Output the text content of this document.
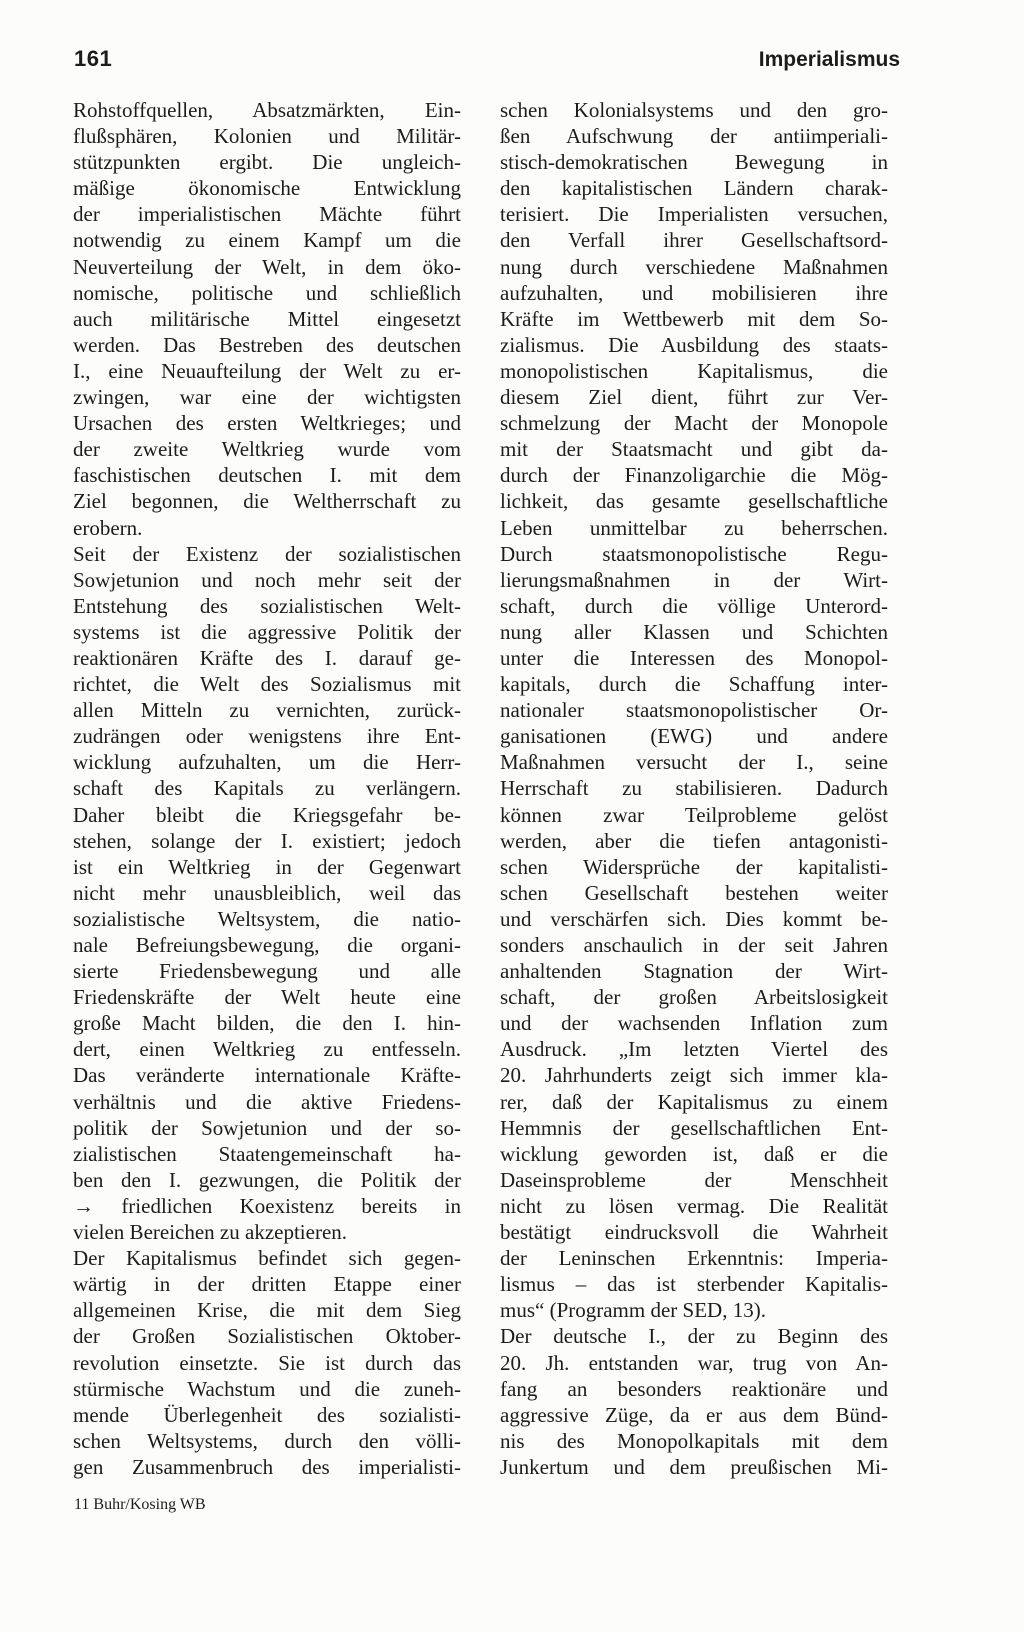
161	Imperialismus
Rohstoffquellen, Absatzmärkten, Ein-
flußsphären, Kolonien und Militär-
stützpunkten ergibt. Die ungleich-
mäßige ökonomische Entwicklung
der imperialistischen Mächte führt
notwendig zu einem Kampf um die
Neuverteilung der Welt, in dem öko-
nomische, politische und schließlich
auch militärische Mittel eingesetzt
werden. Das Bestreben des deutschen
I., eine Neuaufteilung der Welt zu er-
zwingen, war eine der wichtigsten
Ursachen des ersten Weltkrieges; und
der zweite Weltkrieg wurde vom
faschistischen deutschen I. mit dem
Ziel begonnen, die Weltherrschaft zu
erobern.
Seit der Existenz der sozialistischen
Sowjetunion und noch mehr seit der
Entstehung des sozialistischen Welt-
systems ist die aggressive Politik der
reaktionären Kräfte des I. darauf ge-
richtet, die Welt des Sozialismus mit
allen Mitteln zu vernichten, zurück-
zudrängen oder wenigstens ihre Ent-
wicklung aufzuhalten, um die Herr-
schaft des Kapitals zu verlängern.
Daher bleibt die Kriegsgefahr be-
stehen, solange der I. existiert; jedoch
ist ein Weltkrieg in der Gegenwart
nicht mehr unausbleiblich, weil das
sozialistische Weltsystem, die natio-
nale Befreiungsbewegung, die organi-
sierte Friedensbewegung und alle
Friedenskräfte der Welt heute eine
große Macht bilden, die den I. hin-
dert, einen Weltkrieg zu entfesseln.
Das veränderte internationale Kräfte-
verhältnis und die aktive Friedens-
politik der Sowjetunion und der so-
zialistischen Staatengemeinschaft ha-
ben den I. gezwungen, die Politik der
→ friedlichen Koexistenz bereits in
vielen Bereichen zu akzeptieren.
Der Kapitalismus befindet sich gegen-
wärtig in der dritten Etappe einer
allgemeinen Krise, die mit dem Sieg
der Großen Sozialistischen Oktober-
revolution einsetzte. Sie ist durch das
stürmische Wachstum und die zuneh-
mende Überlegenheit des sozialisti-
schen Weltsystems, durch den völli-
gen Zusammenbruch des imperialisti-
schen Kolonialsystems und den gro-
ßen Aufschwung der antiimperiali-
stisch-demokratischen Bewegung in
den kapitalistischen Ländern charak-
terisiert. Die Imperialisten versuchen,
den Verfall ihrer Gesellschaftsord-
nung durch verschiedene Maßnahmen
aufzuhalten, und mobilisieren ihre
Kräfte im Wettbewerb mit dem So-
zialismus. Die Ausbildung des staats-
monopolistischen Kapitalismus, die
diesem Ziel dient, führt zur Ver-
schmelzung der Macht der Monopole
mit der Staatsmacht und gibt da-
durch der Finanzoligarchie die Mög-
lichkeit, das gesamte gesellschaftliche
Leben unmittelbar zu beherrschen.
Durch staatsmonopolistische Regu-
lierungsmaßnahmen in der Wirt-
schaft, durch die völlige Unterord-
nung aller Klassen und Schichten
unter die Interessen des Monopol-
kapitals, durch die Schaffung inter-
nationaler staatsmonopolistischer Or-
ganisationen (EWG) und andere
Maßnahmen versucht der I., seine
Herrschaft zu stabilisieren. Dadurch
können zwar Teilprobleme gelöst
werden, aber die tiefen antagonisti-
schen Widersprüche der kapitalisti-
schen Gesellschaft bestehen weiter
und verschärfen sich. Dies kommt be-
sonders anschaulich in der seit Jahren
anhaltenden Stagnation der Wirt-
schaft, der großen Arbeitslosigkeit
und der wachsenden Inflation zum
Ausdruck. „Im letzten Viertel des
20. Jahrhunderts zeigt sich immer kla-
rer, daß der Kapitalismus zu einem
Hemmnis der gesellschaftlichen Ent-
wicklung geworden ist, daß er die
Daseinsprobleme der Menschheit
nicht zu lösen vermag. Die Realität
bestätigt eindrucksvoll die Wahrheit
der Leninschen Erkenntnis: Imperia-
lismus – das ist sterbender Kapitalis-
mus“ (Programm der SED, 13).
Der deutsche I., der zu Beginn des
20. Jh. entstanden war, trug von An-
fang an besonders reaktionäre und
aggressive Züge, da er aus dem Bünd-
nis des Monopolkapitals mit dem
Junkertum und dem preußischen Mi-
11 Buhr/Kosing WB
